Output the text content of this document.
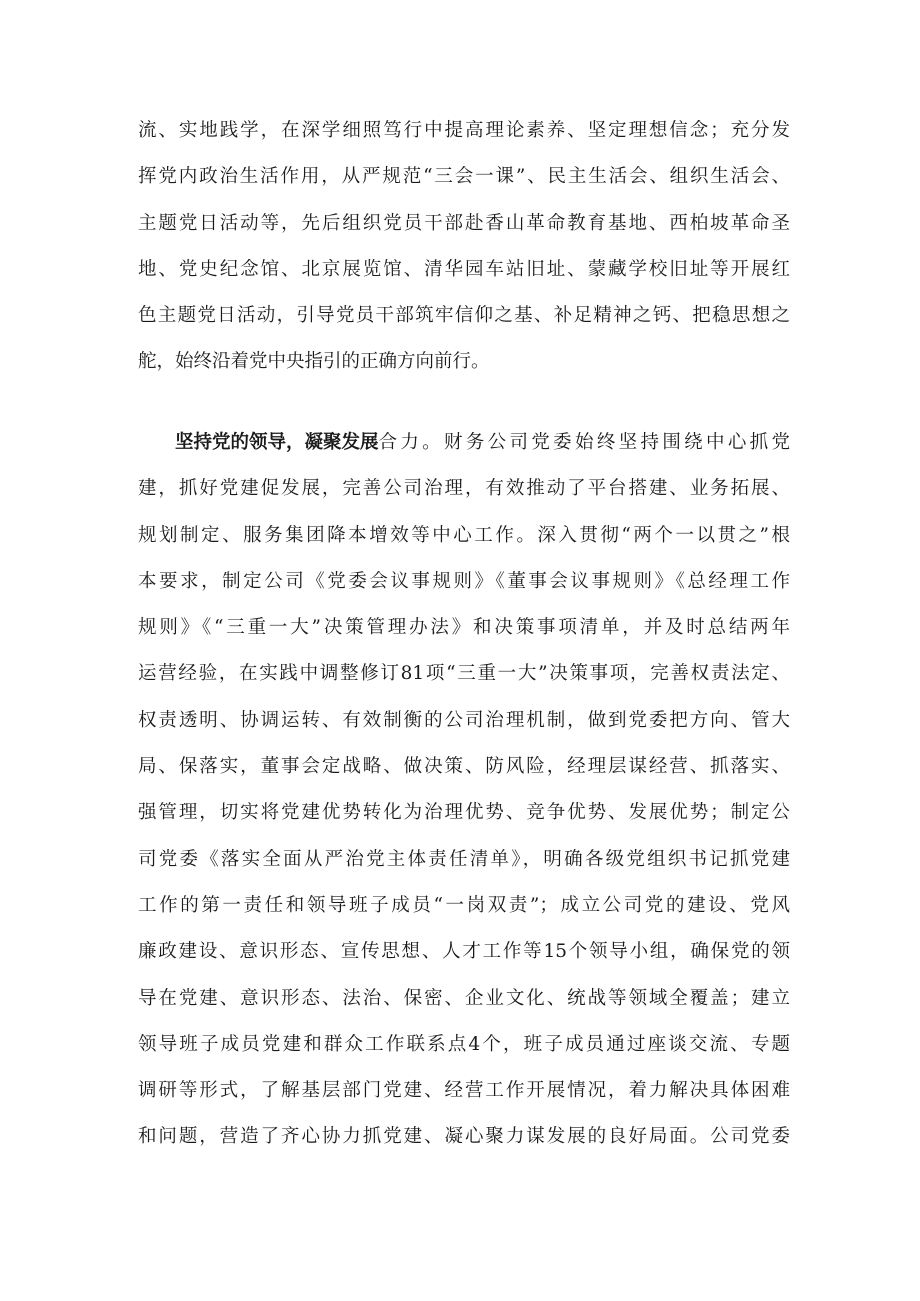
流、实地践学，在深学细照笃行中提高理论素养、坚定理想信念；充分发
挥党内政治生活作用，从严规范“三会一课”、民主生活会、组织生活会、
主题党日活动等，先后组织党员干部赴香山革命教育基地、西柏坡革命圣
地、党史纪念馆、北京展览馆、清华园车站旧址、蒙藏学校旧址等开展红
色主题党日活动，引导党员干部筑牢信仰之基、补足精神之钙、把稳思想之
舵，始终沿着党中央指引的正确方向前行。
坚持党的领导，凝聚发展 合力。财务公司党委始终坚持围绕中心抓党
建，抓好党建促发展，完善公司治理，有效推动了平台搭建、业务拓展、
规划制定、服务集团降本增效等中心工作。深入贯彻“两个一以贯之”根
本要求，制定公司《党委会议事规则》《董事会议事规则》《总经理工作
规则》《“三重一大”决策管理办法》和决策事项清单，并及时总结两年
运营经验，在实践中调整修订81项“三重一大”决策事项，完善权责法定、
权责透明、协调运转、有效制衡的公司治理机制，做到党委把方向、管大
局、保落实，董事会定战略、做决策、防风险，经理层谋经营、抓落实、
强管理，切实将党建优势转化为治理优势、竞争优势、发展优势；制定公
司党委《落实全面从严治党主体责任清单》，明确各级党组织书记抓党建
工作的第一责任和领导班子成员“一岗双责”；成立公司党的建设、党风
廉政建设、意识形态、宣传思想、人才工作等15个领导小组，确保党的领
导在党建、意识形态、法治、保密、企业文化、统战等领域全覆盖；建立
领导班子成员党建和群众工作联系点4个，班子成员通过座谈交流、专题
调研等形式，了解基层部门党建、经营工作开展情况，着力解决具体困难
和问题，营造了齐心协力抓党建、凝心聚力谋发展的良好局面。公司党委
